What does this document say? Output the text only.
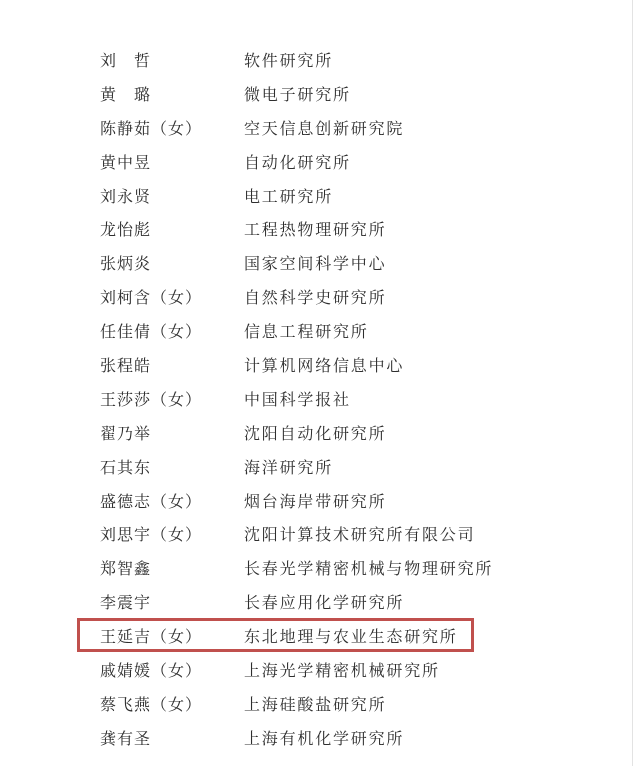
刘　哲	软件研究所
黄　璐	微电子研究所
陈静茹（女）	空天信息创新研究院
黄中昱	自动化研究所
刘永贤	电工研究所
龙怡彪	工程热物理研究所
张炳炎	国家空间科学中心
刘柯含（女）	自然科学史研究所
任佳倩（女）	信息工程研究所
张程皓	计算机网络信息中心
王莎莎（女）	中国科学报社
翟乃举	沈阳自动化研究所
石其东	海洋研究所
盛德志（女）	烟台海岸带研究所
刘思宇（女）	沈阳计算技术研究所有限公司
郑智鑫	长春光学精密机械与物理研究所
李震宇	长春应用化学研究所
王延吉（女）	东北地理与农业生态研究所
戚婧媛（女）	上海光学精密机械研究所
蔡飞燕（女）	上海硅酸盐研究所
龚有圣	上海有机化学研究所
